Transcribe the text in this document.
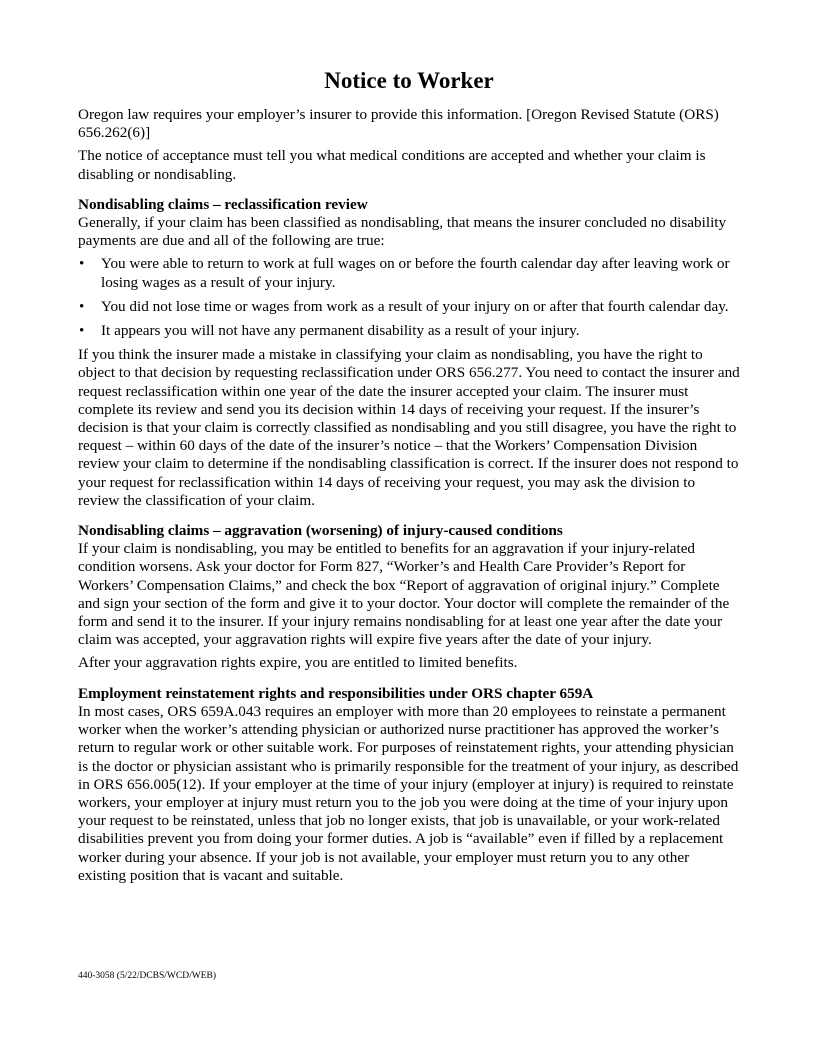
Notice to Worker

Oregon law requires your employer’s insurer to provide this information. [Oregon Revised Statute (ORS) 656.262(6)]

The notice of acceptance must tell you what medical conditions are accepted and whether your claim is disabling or nondisabling.

Nondisabling claims – reclassification review

Generally, if your claim has been classified as nondisabling, that means the insurer concluded no disability payments are due and all of the following are true:

• You were able to return to work at full wages on or before the fourth calendar day after leaving work or losing wages as a result of your injury.
• You did not lose time or wages from work as a result of your injury on or after that fourth calendar day.
• It appears you will not have any permanent disability as a result of your injury.

If you think the insurer made a mistake in classifying your claim as nondisabling, you have the right to object to that decision by requesting reclassification under ORS 656.277. You need to contact the insurer and request reclassification within one year of the date the insurer accepted your claim. The insurer must complete its review and send you its decision within 14 days of receiving your request. If the insurer’s decision is that your claim is correctly classified as nondisabling and you still disagree, you have the right to request – within 60 days of the date of the insurer’s notice – that the Workers’ Compensation Division review your claim to determine if the nondisabling classification is correct. If the insurer does not respond to your request for reclassification within 14 days of receiving your request, you may ask the division to review the classification of your claim.

Nondisabling claims – aggravation (worsening) of injury-caused conditions

If your claim is nondisabling, you may be entitled to benefits for an aggravation if your injury-related condition worsens. Ask your doctor for Form 827, “Worker’s and Health Care Provider’s Report for Workers’ Compensation Claims,” and check the box “Report of aggravation of original injury.” Complete and sign your section of the form and give it to your doctor. Your doctor will complete the remainder of the form and send it to the insurer. If your injury remains nondisabling for at least one year after the date your claim was accepted, your aggravation rights will expire five years after the date of your injury.

After your aggravation rights expire, you are entitled to limited benefits.

Employment reinstatement rights and responsibilities under ORS chapter 659A

In most cases, ORS 659A.043 requires an employer with more than 20 employees to reinstate a permanent worker when the worker’s attending physician or authorized nurse practitioner has approved the worker’s return to regular work or other suitable work. For purposes of reinstatement rights, your attending physician is the doctor or physician assistant who is primarily responsible for the treatment of your injury, as described in ORS 656.005(12). If your employer at the time of your injury (employer at injury) is required to reinstate workers, your employer at injury must return you to the job you were doing at the time of your injury upon your request to be reinstated, unless that job no longer exists, that job is unavailable, or your work-related disabilities prevent you from doing your former duties. A job is “available” even if filled by a replacement worker during your absence. If your job is not available, your employer must return you to any other existing position that is vacant and suitable.

440-3058 (5/22/DCBS/WCD/WEB)
